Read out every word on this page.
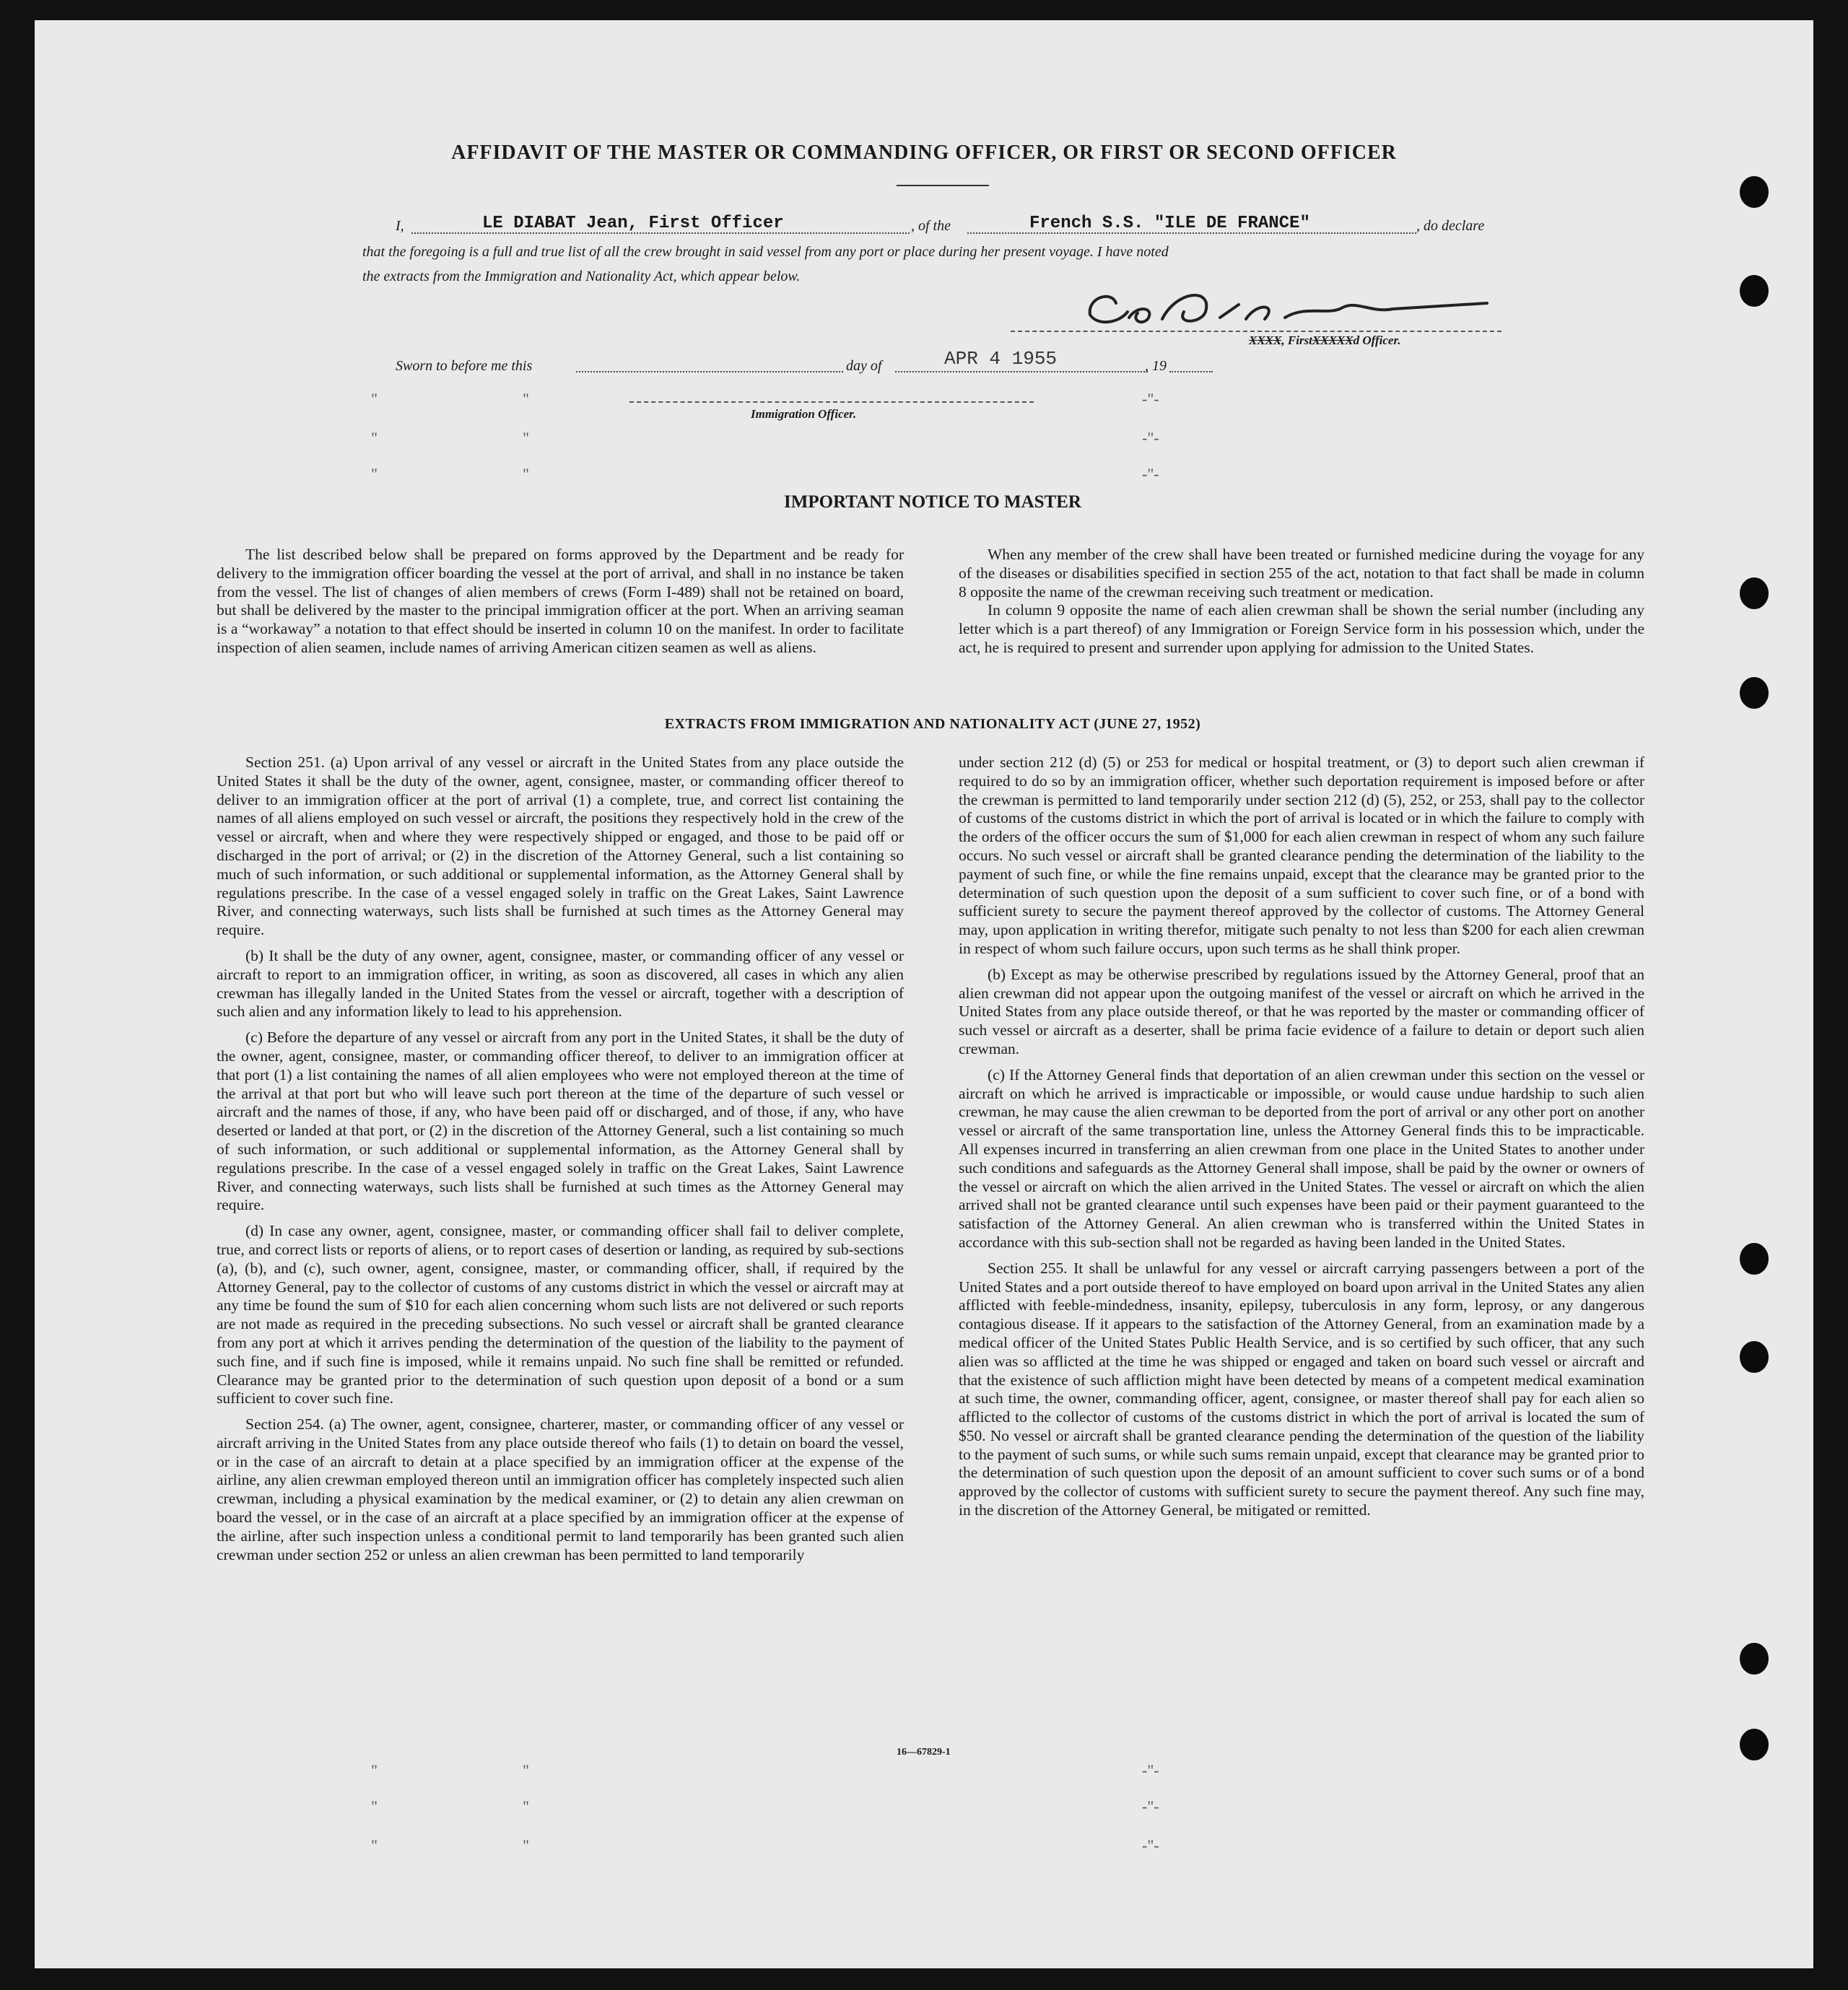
AFFIDAVIT OF THE MASTER OR COMMANDING OFFICER, OR FIRST OR SECOND OFFICER
I,	LE DIABAT Jean, First Officer	, of the	French S.S. "ILE DE FRANCE"	, do declare
that the foregoing is a full and true list of all the crew brought in said vessel from any port or place during her present voyage. I have noted
the extracts from the Immigration and Nationality Act, which appear below.
XXXX, FirstXXXXXd Officer.
Sworn to before me this	day of	APR 4 1955	, 19
Immigration Officer.
IMPORTANT NOTICE TO MASTER

The list described below shall be prepared on forms approved by the Department and be ready for delivery to the immigration officer boarding the vessel at the port of arrival, and shall in no instance be taken from the vessel. The list of changes of alien members of crews (Form I-489) shall not be retained on board, but shall be delivered by the master to the principal immigration officer at the port. When an arriving seaman is a “workaway” a notation to that effect should be inserted in column 10 on the manifest. In order to facilitate inspection of alien seamen, include names of arriving American citizen seamen as well as aliens.

When any member of the crew shall have been treated or furnished medicine during the voyage for any of the diseases or disabilities specified in section 255 of the act, notation to that fact shall be made in column 8 opposite the name of the crewman receiving such treatment or medication.

In column 9 opposite the name of each alien crewman shall be shown the serial number (including any letter which is a part thereof) of any Immigration or Foreign Service form in his possession which, under the act, he is required to present and surrender upon applying for admission to the United States.

EXTRACTS FROM IMMIGRATION AND NATIONALITY ACT (JUNE 27, 1952)

Section 251. (a) Upon arrival of any vessel or aircraft in the United States from any place outside the United States it shall be the duty of the owner, agent, consignee, master, or commanding officer thereof to deliver to an immigration officer at the port of arrival (1) a complete, true, and correct list containing the names of all aliens employed on such vessel or aircraft, the positions they respectively hold in the crew of the vessel or aircraft, when and where they were respectively shipped or engaged, and those to be paid off or discharged in the port of arrival; or (2) in the discretion of the Attorney General, such a list containing so much of such information, or such additional or supplemental information, as the Attorney General shall by regulations prescribe. In the case of a vessel engaged solely in traffic on the Great Lakes, Saint Lawrence River, and connecting waterways, such lists shall be furnished at such times as the Attorney General may require.

(b) It shall be the duty of any owner, agent, consignee, master, or commanding officer of any vessel or aircraft to report to an immigration officer, in writing, as soon as discovered, all cases in which any alien crewman has illegally landed in the United States from the vessel or aircraft, together with a description of such alien and any information likely to lead to his apprehension.

(c) Before the departure of any vessel or aircraft from any port in the United States, it shall be the duty of the owner, agent, consignee, master, or commanding officer thereof, to deliver to an immigration officer at that port (1) a list containing the names of all alien employees who were not employed thereon at the time of the arrival at that port but who will leave such port thereon at the time of the departure of such vessel or aircraft and the names of those, if any, who have been paid off or discharged, and of those, if any, who have deserted or landed at that port, or (2) in the discretion of the Attorney General, such a list containing so much of such information, or such additional or supplemental information, as the Attorney General shall by regulations prescribe. In the case of a vessel engaged solely in traffic on the Great Lakes, Saint Lawrence River, and connecting waterways, such lists shall be furnished at such times as the Attorney General may require.

(d) In case any owner, agent, consignee, master, or commanding officer shall fail to deliver complete, true, and correct lists or reports of aliens, or to report cases of desertion or landing, as required by sub-sections (a), (b), and (c), such owner, agent, consignee, master, or commanding officer, shall, if required by the Attorney General, pay to the collector of customs of any customs district in which the vessel or aircraft may at any time be found the sum of $10 for each alien concerning whom such lists are not delivered or such reports are not made as required in the preceding subsections. No such vessel or aircraft shall be granted clearance from any port at which it arrives pending the determination of the question of the liability to the payment of such fine, and if such fine is imposed, while it remains unpaid. No such fine shall be remitted or refunded. Clearance may be granted prior to the determination of such question upon deposit of a bond or a sum sufficient to cover such fine.

Section 254. (a) The owner, agent, consignee, charterer, master, or commanding officer of any vessel or aircraft arriving in the United States from any place outside thereof who fails (1) to detain on board the vessel, or in the case of an aircraft to detain at a place specified by an immigration officer at the expense of the airline, any alien crewman employed thereon until an immigration officer has completely inspected such alien crewman, including a physical examination by the medical examiner, or (2) to detain any alien crewman on board the vessel, or in the case of an aircraft at a place specified by an immigration officer at the expense of the airline, after such inspection unless a conditional permit to land temporarily has been granted such alien crewman under section 252 or unless an alien crewman has been permitted to land temporarily

under section 212 (d) (5) or 253 for medical or hospital treatment, or (3) to deport such alien crewman if required to do so by an immigration officer, whether such deportation requirement is imposed before or after the crewman is permitted to land temporarily under section 212 (d) (5), 252, or 253, shall pay to the collector of customs of the customs district in which the port of arrival is located or in which the failure to comply with the orders of the officer occurs the sum of $1,000 for each alien crewman in respect of whom any such failure occurs. No such vessel or aircraft shall be granted clearance pending the determination of the liability to the payment of such fine, or while the fine remains unpaid, except that the clearance may be granted prior to the determination of such question upon the deposit of a sum sufficient to cover such fine, or of a bond with sufficient surety to secure the payment thereof approved by the collector of customs. The Attorney General may, upon application in writing therefor, mitigate such penalty to not less than $200 for each alien crewman in respect of whom such failure occurs, upon such terms as he shall think proper.

(b) Except as may be otherwise prescribed by regulations issued by the Attorney General, proof that an alien crewman did not appear upon the outgoing manifest of the vessel or aircraft on which he arrived in the United States from any place outside thereof, or that he was reported by the master or commanding officer of such vessel or aircraft as a deserter, shall be prima facie evidence of a failure to detain or deport such alien crewman.

(c) If the Attorney General finds that deportation of an alien crewman under this section on the vessel or aircraft on which he arrived is impracticable or impossible, or would cause undue hardship to such alien crewman, he may cause the alien crewman to be deported from the port of arrival or any other port on another vessel or aircraft of the same transportation line, unless the Attorney General finds this to be impracticable. All expenses incurred in transferring an alien crewman from one place in the United States to another under such conditions and safeguards as the Attorney General shall impose, shall be paid by the owner or owners of the vessel or aircraft on which the alien arrived in the United States. The vessel or aircraft on which the alien arrived shall not be granted clearance until such expenses have been paid or their payment guaranteed to the satisfaction of the Attorney General. An alien crewman who is transferred within the United States in accordance with this sub-section shall not be regarded as having been landed in the United States.

Section 255. It shall be unlawful for any vessel or aircraft carrying passengers between a port of the United States and a port outside thereof to have employed on board upon arrival in the United States any alien afflicted with feeble-mindedness, insanity, epilepsy, tuberculosis in any form, leprosy, or any dangerous contagious disease. If it appears to the satisfaction of the Attorney General, from an examination made by a medical officer of the United States Public Health Service, and is so certified by such officer, that any such alien was so afflicted at the time he was shipped or engaged and taken on board such vessel or aircraft and that the existence of such affliction might have been detected by means of a competent medical examination at such time, the owner, commanding officer, agent, consignee, or master thereof shall pay for each alien so afflicted to the collector of customs of the customs district in which the port of arrival is located the sum of $50. No vessel or aircraft shall be granted clearance pending the determination of the question of the liability to the payment of such sums, or while such sums remain unpaid, except that clearance may be granted prior to the determination of such question upon the deposit of an amount sufficient to cover such sums or of a bond approved by the collector of customs with sufficient surety to secure the payment thereof. Any such fine may, in the discretion of the Attorney General, be mitigated or remitted.

16—67829-1
"	"	-"-
"	"	-"-
"	"	-"-
"	"	-"-
"	"	-"-
"	"	-"-
